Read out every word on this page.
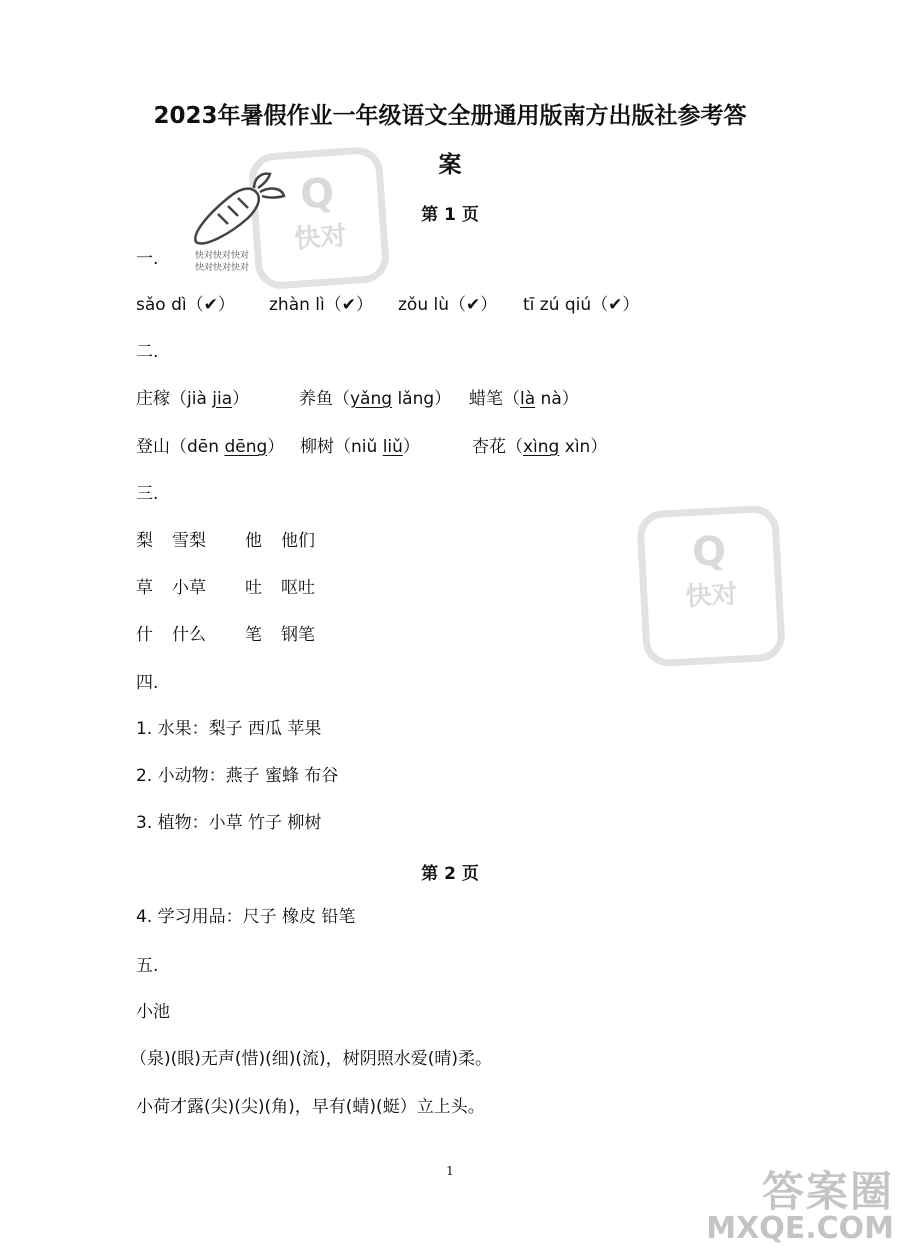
Q
快对
Q
快对
快对快对快对
快对快对快对
2023年暑假作业一年级语文全册通用版南方出版社参考答
案
第 1 页
一.
sǎo dì（✔） zhàn lì（✔） zǒu lù（✔） tī zú qiú（✔）
二.
庄稼（jià jia）	养鱼（yǎng lǎng） 蜡笔（là nà）
登山（dēn dēng） 柳树（niǔ liǔ）	杏花（xìng xìn）
三.
梨 雪梨 他 他们
草 小草 吐 呕吐
什 什么 笔 钢笔
四.
1. 水果：梨子 西瓜 苹果
2. 小动物：燕子 蜜蜂 布谷
3. 植物：小草 竹子 柳树
第 2 页
4. 学习用品：尺子 橡皮 铅笔
五.
小池
（泉)(眼)无声(惜)(细)(流)，树阴照水爱(晴)柔。
小荷才露(尖)(尖)(角)，早有(蜻)(蜓）立上头。
1	答案圈
MXQE.COM
